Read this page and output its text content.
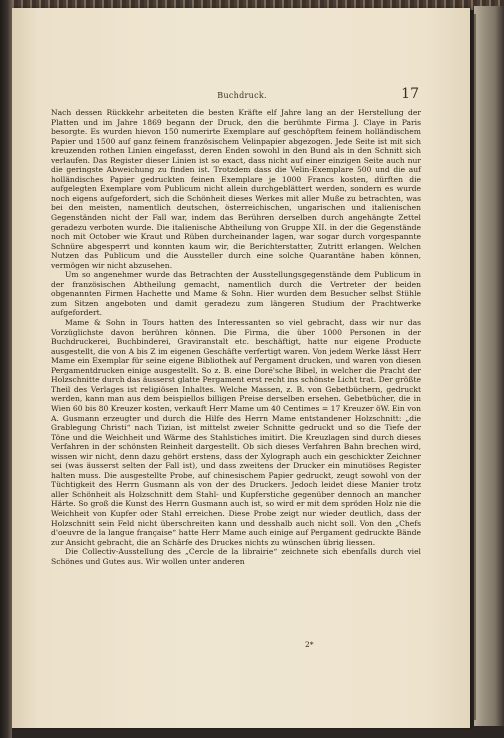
Buchdruck.	17

Nach dessen Rückkehr arbeiteten die besten Kräfte elf Jahre lang an der Herstellung der Platten und im Jahre 1869 begann der Druck, den die berühmte Firma J. Claye in Paris besorgte. Es wurden hievon 150 numerirte Exemplare auf geschöpftem feinem holländischem Papier und 1500 auf ganz feinem französischem Velinpapier abgezogen. Jede Seite ist mit sich kreuzenden rothen Linien eingefasst, deren Enden sowohl in den Bund als in den Schnitt sich verlaufen. Das Register dieser Linien ist so exact, dass nicht auf einer einzigen Seite auch nur die geringste Abweichung zu finden ist. Trotzdem dass die Velin-Exemplare 500 und die auf holländisches Papier gedruckten feinen Exemplare je 1000 Francs kosten, dürften die aufgelegten Exemplare vom Publicum nicht allein durchgeblättert werden, sondern es wurde noch eigens aufgefordert, sich die Schönheit dieses Werkes mit aller Muße zu betrachten, was bei den meisten, namentlich deutschen, österreichischen, ungarischen und italienischen Gegenständen nicht der Fall war, indem das Berühren derselben durch angehängte Zettel geradezu verboten wurde. Die italienische Abtheilung von Gruppe XII. in der die Gegenstände noch mit October wie Kraut und Rüben durcheinander lagen, war sogar durch vorgespannte Schnüre abgesperrt und konnten kaum wir, die Berichterstatter, Zutritt erlangen. Welchen Nutzen das Publicum und die Aussteller durch eine solche Quarantäne haben können, vermögen wir nicht abzusehen.

Um so angenehmer wurde das Betrachten der Ausstellungsgegenstände dem Publicum in der französischen Abtheilung gemacht, namentlich durch die Vertreter der beiden obgenannten Firmen Hachette und Mame & Sohn. Hier wurden dem Besucher selbst Stühle zum Sitzen angeboten und damit geradezu zum längeren Studium der Prachtwerke aufgefordert.

Mame & Sohn in Tours hatten des Interessanten so viel gebracht, dass wir nur das Vorzüglichste davon berühren können. Die Firma, die über 1000 Personen in der Buchdruckerei, Buchbinderei, Graviranstalt etc. beschäftigt, hatte nur eigene Producte ausgestellt, die von A bis Z im eigenen Geschäfte verfertigt waren. Von jedem Werke lässt Herr Mame ein Exemplar für seine eigene Bibliothek auf Pergament drucken, und waren von diesen Pergamentdrucken einige ausgestellt. So z. B. eine Doré'sche Bibel, in welcher die Pracht der Holzschnitte durch das äusserst glatte Pergament erst recht ins schönste Licht trat. Der größte Theil des Verlages ist religiösen Inhaltes. Welche Massen, z. B. von Gebetbüchern, gedruckt werden, kann man aus dem beispiellos billigen Preise derselben ersehen. Gebetbücher, die in Wien 60 bis 80 Kreuzer kosten, verkauft Herr Mame um 40 Centimes = 17 Kreuzer öW. Ein von A. Gusmann erzeugter und durch die Hilfe des Herrn Mame entstandener Holzschnitt: „die Grablegung Christi“ nach Tizian, ist mittelst zweier Schnitte gedruckt und so die Tiefe der Töne und die Weichheit und Wärme des Stahlstiches imitirt. Die Kreuzlagen sind durch dieses Verfahren in der schönsten Reinheit dargestellt. Ob sich dieses Verfahren Bahn brechen wird, wissen wir nicht, denn dazu gehört erstens, dass der Xylograph auch ein geschickter Zeichner sei (was äusserst selten der Fall ist), und dass zweitens der Drucker ein minutiöses Register halten muss. Die ausgestellte Probe, auf chinesischem Papier gedruckt, zeugt sowohl von der Tüchtigkeit des Herrn Gusmann als von der des Druckers. Jedoch leidet diese Manier trotz aller Schönheit als Holzschnitt dem Stahl- und Kupferstiche gegenüber dennoch an mancher Härte. So groß die Kunst des Herrn Gusmann auch ist, so wird er mit dem spröden Holz nie die Weichheit von Kupfer oder Stahl erreichen. Diese Probe zeigt nur wieder deutlich, dass der Holzschnitt sein Feld nicht überschreiten kann und desshalb auch nicht soll. Von den „Chefs d'oeuvre de la langue française“ hatte Herr Mame auch einige auf Pergament gedruckte Bände zur Ansicht gebracht, die an Schärfe des Druckes nichts zu wünschen übrig liessen.

Die Collectiv-Ausstellung des „Cercle de la librairie“ zeichnete sich ebenfalls durch viel Schönes und Gutes aus. Wir wollen unter anderen

2*
